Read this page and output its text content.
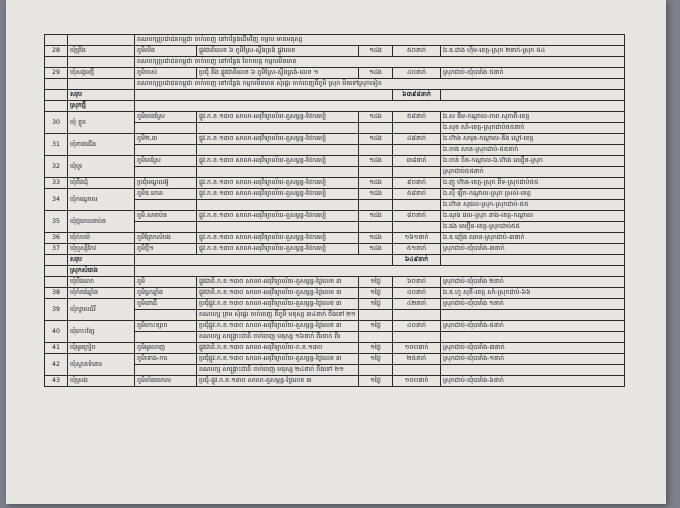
		គណបក្សប្រជាជនកម្ពុជា ចាក់ចេញ នៅកន្លែងដើមវិញ កម្មករ មានមនុស្ស				
28	ឃុំព្រីង	ភូមិលិង	ផ្លូវជាតិលេខ ៦ ភូមិស្រែ-ស្ទឹងត្រង់ ផ្លូវលេខ	១ដង	៥០នាក់	ឯ.ឧ.ជាង ហ៊ីម-ខេត្ត-ស្រុក ២នាក់-ស្រុក ៥៤
		គណបក្សប្រជាជនកម្ពុជា ចាក់ចេញ នៅកន្លែង ចែកយន្ត កម្មករមិនមាន				
29	ឃុំសង្គមថ្មី	ភូមិចាស់	ប្រជុំ និង ផ្លូវជាតិលេខ ៦ ភូមិស្រែ-ស្ទឹងត្រង់-លេខ ១	១ដង	៤០នាក់	ស្រុកជាប់-ឃុំបារាំង ៥នាក់
		គណបក្សប្រជាជនកម្ពុជា ចាក់ចេញ នៅកន្លែង កម្មករមិនមាន សុំផ្ទេរ ចាក់ចេញពីភូមិ ស្រុក មិនទៅស្រុកទៀត				
	សរុប				៦៣៩៨នាក់	
	ស្រុកថ្មី					
30	ឃុំ ខ្លូត	ភូមិចេងស្រែ	ផ្លូវ.ក.ខ.១៣០ សាលា-អនុវិទ្យាល័យ-គួសម្ពន្ធ-ថែករបៀ	១ដង	៥៨នាក់	ឯ.ស ឌឺម-កណ្តាល-ភាព សុភាពី-ខេត្ត
						ឯ.សុខ សាំ-ខេត្ត-ស្រុកជាប់៥៥នាក់
31	ឃុំខាងជើង	ភូមិ២,៣	ផ្លូវ.ក.ខ.១៣០ សាលា-អនុវិទ្យាល័យ-គួសម្ពន្ធ-ថែករបៀ	១ដង	៤៨នាក់	ឯ.ហ៊ាង សារុន-កណ្តាល-នីង ស្នៅ-ខេត្ត
						ឯ.ចាង សាន-ស្រុកជាប់-៥៥នាក់
32	ឃុំបូរ	ភូមិតេស្រែ	ផ្លូវ.ក.ខ.១៣០ សាលា-អនុវិទ្យាល័យ-គួសម្ពន្ធ-ថែករបៀ	១ដង	៣៨នាក់	ឯ.ចាន់ ចិន-កណ្តាល-ឯ.ហ៊ាង ឈឿន-ស្រុក
						ស្រុកជាប់៥៥នាក់
33	ឃុំពឹងជុំ	ប្រជុំមណ្ឌលអ៊ូ	ផ្លូវ.ក.ខ.១៣០ សាលា-អនុវិទ្យាល័យ-គួសម្ពន្ធ-ថែករបៀ	១ដង	៩០នាក់	ឯ.ញូ ហ៊ាន-ខេត្ត-ស្រុក ពីទ-ស្រុកជាប់៥៥
34	ឃុំកណ្តោល	ភូមិឧ.ភោគ	ផ្លូវ.ក.ខ.១៣០ សាលា-អនុវិទ្យាល័យ-គួសម្ពន្ធ-ថែករបៀ	១ដង	៥៨នាក់	ឯ.ស៊ី ឡឹក-កណ្តាល-ស្រុក ស្រស់-ខេត្ត
						ឯ.ហ៊ាន សុផល-ស្រុក-ស្រុកជាប់-៥៥
35	ឃុំថ្មគោលរាប់ន	ភូមិ.សារាប់ន	ផ្លូវ.ក.ខ.១៣០ សាលា-អនុវិទ្យាល័យ-គួសម្ពន្ធ-ថែករបៀ	១ដង	៨០នាក់	ឯ.ណុង ផល-ស្រុក នាង-ខេត្ត-កណ្តាល
						ឯ.ផង ឈឿន-ខេត្ត-ស្រុកជាប់៥៥
36	ឃុំក់ចយំ	ភូមិព្រែកលំបង	ផ្លូវ.ក.ខ.១៣០ សាលា-អនុវិទ្យាល័យ-គួសម្ពន្ធ-ថែករបៀ	១ដង	១៦១នាក់	ឯ.ឧ ញ៉េង ឈាន-ស្រុកជាប់-៣នាក់
37	ឃុំឬស្សីកែវ	ភូមិថ្មី១	ផ្លូវ.ក.ខ.១៣០ សាលា-អនុវិទ្យាល័យ-គួសម្ពន្ធ-ថែករបៀ	១ដង	៥១នាក់	ស្រុកជាប់-ឃុំបារាំង-៣នាក់
	សរុប				៦៤៩នាក់	
	ស្រុកសំរោង					
	ឃុំបឹងលោ	ភូមិ	ផ្លូវជាតិ.ក.ខ.១៣០ សាលា-អនុវិទ្យាល័យ-គួសម្ពន្ធ-ថ្ងៃលេខ ៣	១ថ្ងៃ	៦០នាក់	ស្រុកជាប់-ឃុំបារាំង ២នាក់
38	ឃុំកំពង់ឆ្នាំង	ភូមិធ្លកឆ្នាំង	ផ្លូវជាតិ.ក.ខ.១៣០ សាលា-អនុវិទ្យាល័យ-គួសម្ពន្ធ-ថ្ងៃលេខ ៣	១ថ្ងៃ	៤០នាក់	ឯ.ឧ.ហួ សុខី-ខេត្ត សាំ-ស្រុកជាប់-៦៦
39	ឃុំក្បាលដំរី	ភូមិពោធិ៍	ប្រជុំផ្លូវ.ក.ខ.១៣០ សាលា-អនុវិទ្យាល័យ-គួសម្ពន្ធ-ថ្ងៃលេខ ៣	១ថ្ងៃ	៤២នាក់	ស្រុកជាប់-ឃុំបារាំង ១នាក់
			គណបក្ស ព្រម សុំផ្ទេរ ចាក់ចេញ ពីភូមិ មនុស្ស ៣៤នាក់ ចឹងទៅ ២១			
40	ឃុំកោះខ្សែ	ភូមិកោះខ្សាច	ប្រជុំផ្លូវ.ក.ខ.១៣០ សាលា-អនុវិទ្យាល័យ-គួសម្ពន្ធ-ថ្ងៃលេខ ៣	១ថ្ងៃ	៤០នាក់	ស្រុកជាប់-ឃុំបារាំង-៥នាក់
			គណបក្ស សង្គ្រោះជាតិ ចាក់ចេញ មនុស្ស ១៦នាក់ ពីរនាក់ ពីរ			
41	ឃុំអូរក្រៀច	ភូមិអូរលាញ	ផ្លូវជាតិ.ក.ខ.១៣០ សាលា-អនុវិទ្យាល័យ-ក.ខ.១៣០	១ថ្ងៃ	១០០នាក់	ស្រុកជាប់-ឃុំបារាំង-៣នាក់
42	ឃុំស្ពានទំនោរ	ភូមិទោង-ការ	ប្រជុំផ្លូវ.ក.ខ.១៣០ សាលា-អនុវិទ្យាល័យ-គួសម្ពន្ធ-ថ្ងៃលេខ ៣	១ថ្ងៃ	២៥នាក់	ស្រុកជាប់-ឃុំបារាំង-១នាក់
			គណបក្ស សង្គ្រោះជាតិ ចាក់ចេញ មនុស្ស ២៤នាក់ ចឹងទៅ ២១			
43	ឃុំស្រង	ភូមិតាំងយោល	ប្រជុំ-ផ្លូវ.ក.ខ.១៣០ សាលា-គួសម្ពន្ធ-ថ្ងៃលេខ ៣	១ថ្ងៃ	១០០នាក់	ស្រុកជាប់-ឃុំបារាំង-៦នាក់
